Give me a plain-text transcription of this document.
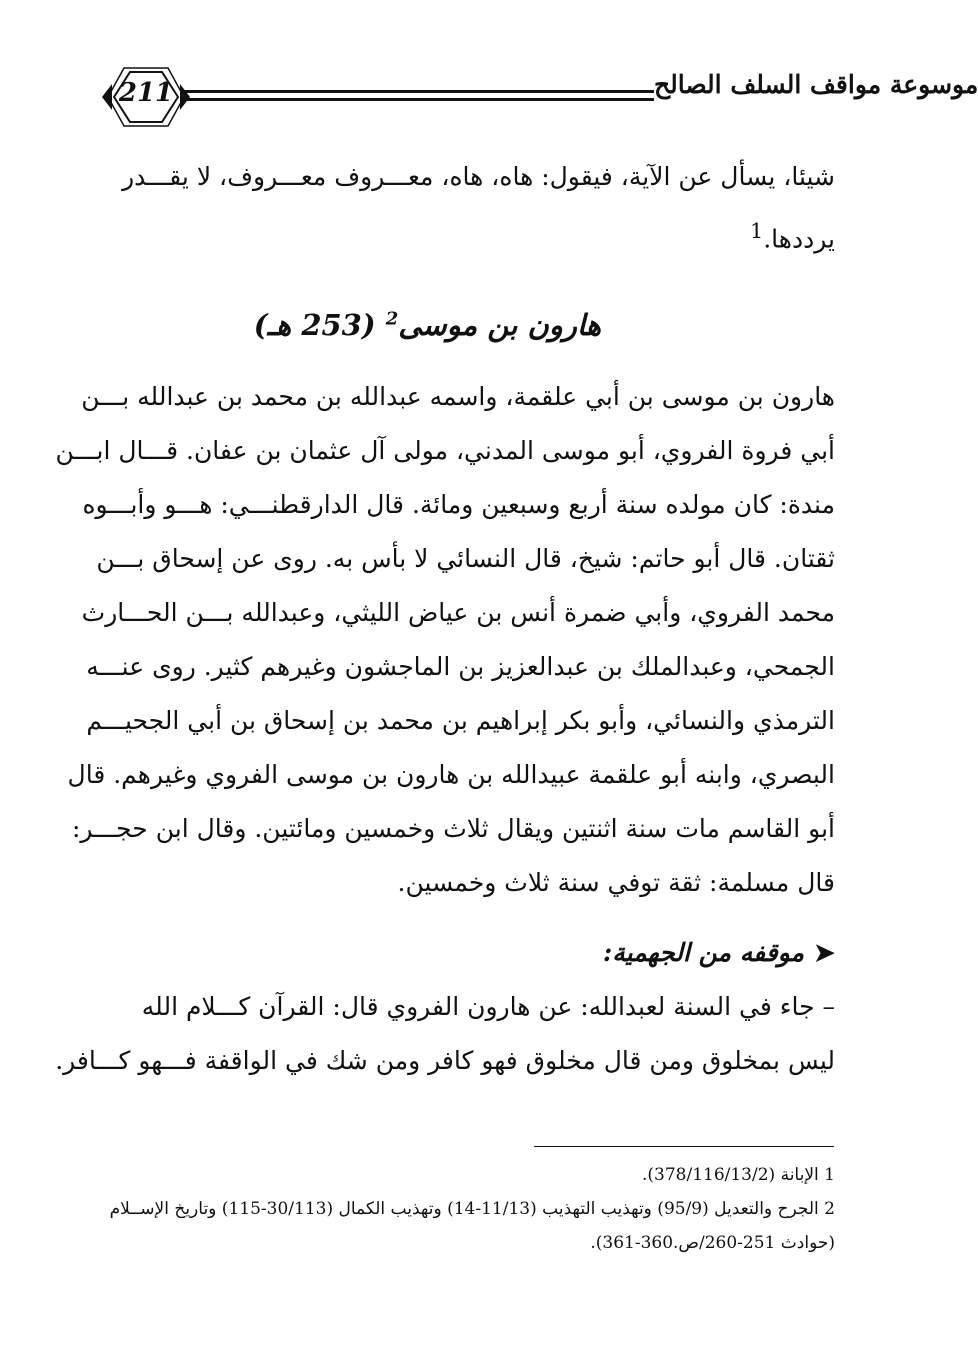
211	موسوعة مواقف السلف الصالح
شيئا، يسأل عن الآية، فيقول: هاه، هاه، معـــروف معـــروف، لا يقـــدر
يرددها.$^1$
هارون بن موسى$^2$ (253 هـ)
هارون بن موسى بن أبي علقمة، واسمه عبدالله بن محمد بن عبدالله بـــن
أبي فروة الفروي، أبو موسى المدني، مولى آل عثمان بن عفان. قـــال ابـــن
مندة: كان مولده سنة أربع وسبعين ومائة. قال الدارقطنـــي: هـــو وأبـــوه
ثقتان. قال أبو حاتم: شيخ، قال النسائي لا بأس به. روى عن إسحاق بـــن
محمد الفروي، وأبي ضمرة أنس بن عياض الليثي، وعبدالله بـــن الحـــارث
الجمحي، وعبدالملك بن عبدالعزيز بن الماجشون وغيرهم كثير. روى عنـــه
الترمذي والنسائي، وأبو بكر إبراهيم بن محمد بن إسحاق بن أبي الجحيـــم
البصري، وابنه أبو علقمة عبيدالله بن هارون بن موسى الفروي وغيرهم. قال
أبو القاسم مات سنة اثنتين ويقال ثلاث وخمسين ومائتين. وقال ابن حجـــر:
قال مسلمة: ثقة توفي سنة ثلاث وخمسين.
➤موقفه من الجهمية:
– جاء في السنة لعبدالله: عن هارون الفروي قال: القرآن كـــلام الله
ليس بمخلوق ومن قال مخلوق فهو كافر ومن شك في الواقفة فـــهو كـــافر.
1 الإبانة (378/116/13/2).
2 الجرح والتعديل (95/9) وتهذيب التهذيب (11/13-14) وتهذيب الكمال (30/113-115) وتاريخ الإســلام
(حوادث 251-260/ص.360-361).
